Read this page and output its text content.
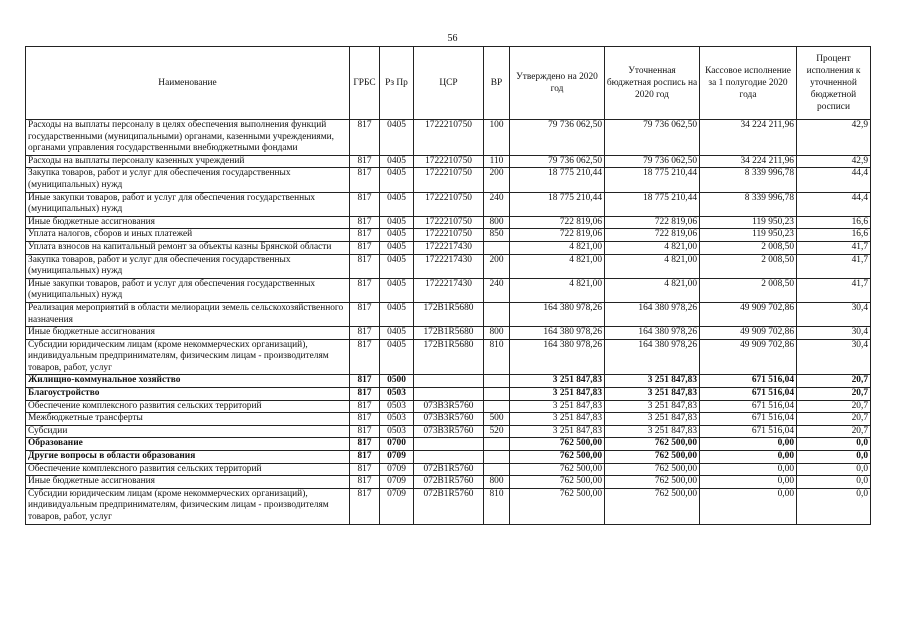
56
Наименование	ГРБС	Рз Пр	ЦСР	ВР	Утверждено на 2020 год	Уточненная бюджетная роспись на 2020 год	Кассовое исполнение за 1 полугодие 2020 года	Процент исполнения к уточненной бюджетной росписи
Расходы на выплаты персоналу в целях обеспечения выполнения функций государственными (муниципальными) органами, казенными учреждениями, органами управления государственными внебюджетными фондами	817	0405	1722210750	100	79 736 062,50	79 736 062,50	34 224 211,96	42,9
Расходы на выплаты персоналу казенных учреждений	817	0405	1722210750	110	79 736 062,50	79 736 062,50	34 224 211,96	42,9
Закупка товаров, работ и услуг для обеспечения государственных (муниципальных) нужд	817	0405	1722210750	200	18 775 210,44	18 775 210,44	8 339 996,78	44,4
Иные закупки товаров, работ и услуг для обеспечения государственных (муниципальных) нужд	817	0405	1722210750	240	18 775 210,44	18 775 210,44	8 339 996,78	44,4
Иные бюджетные ассигнования	817	0405	1722210750	800	722 819,06	722 819,06	119 950,23	16,6
Уплата налогов, сборов и иных платежей	817	0405	1722210750	850	722 819,06	722 819,06	119 950,23	16,6
Уплата взносов на капитальный ремонт за объекты казны Брянской области	817	0405	1722217430		4 821,00	4 821,00	2 008,50	41,7
Закупка товаров, работ и услуг для обеспечения государственных (муниципальных) нужд	817	0405	1722217430	200	4 821,00	4 821,00	2 008,50	41,7
Иные закупки товаров, работ и услуг для обеспечения государственных (муниципальных) нужд	817	0405	1722217430	240	4 821,00	4 821,00	2 008,50	41,7
Реализация мероприятий в области мелиорации земель сельскохозяйственного назначения	817	0405	172B1R5680		164 380 978,26	164 380 978,26	49 909 702,86	30,4
Иные бюджетные ассигнования	817	0405	172B1R5680	800	164 380 978,26	164 380 978,26	49 909 702,86	30,4
Субсидии юридическим лицам (кроме некоммерческих организаций), индивидуальным предпринимателям, физическим лицам - производителям товаров, работ, услуг	817	0405	172B1R5680	810	164 380 978,26	164 380 978,26	49 909 702,86	30,4
Жилищно-коммунальное хозяйство	817	0500			3 251 847,83	3 251 847,83	671 516,04	20,7
Благоустройство	817	0503			3 251 847,83	3 251 847,83	671 516,04	20,7
Обеспечение комплексного развития сельских территорий	817	0503	073B3R5760		3 251 847,83	3 251 847,83	671 516,04	20,7
Межбюджетные трансферты	817	0503	073B3R5760	500	3 251 847,83	3 251 847,83	671 516,04	20,7
Субсидии	817	0503	073B3R5760	520	3 251 847,83	3 251 847,83	671 516,04	20,7
Образование	817	0700			762 500,00	762 500,00	0,00	0,0
Другие вопросы в области образования	817	0709			762 500,00	762 500,00	0,00	0,0
Обеспечение комплексного развития сельских территорий	817	0709	072B1R5760		762 500,00	762 500,00	0,00	0,0
Иные бюджетные ассигнования	817	0709	072B1R5760	800	762 500,00	762 500,00	0,00	0,0
Субсидии юридическим лицам (кроме некоммерческих организаций), индивидуальным предпринимателям, физическим лицам - производителям товаров, работ, услуг	817	0709	072B1R5760	810	762 500,00	762 500,00	0,00	0,0
